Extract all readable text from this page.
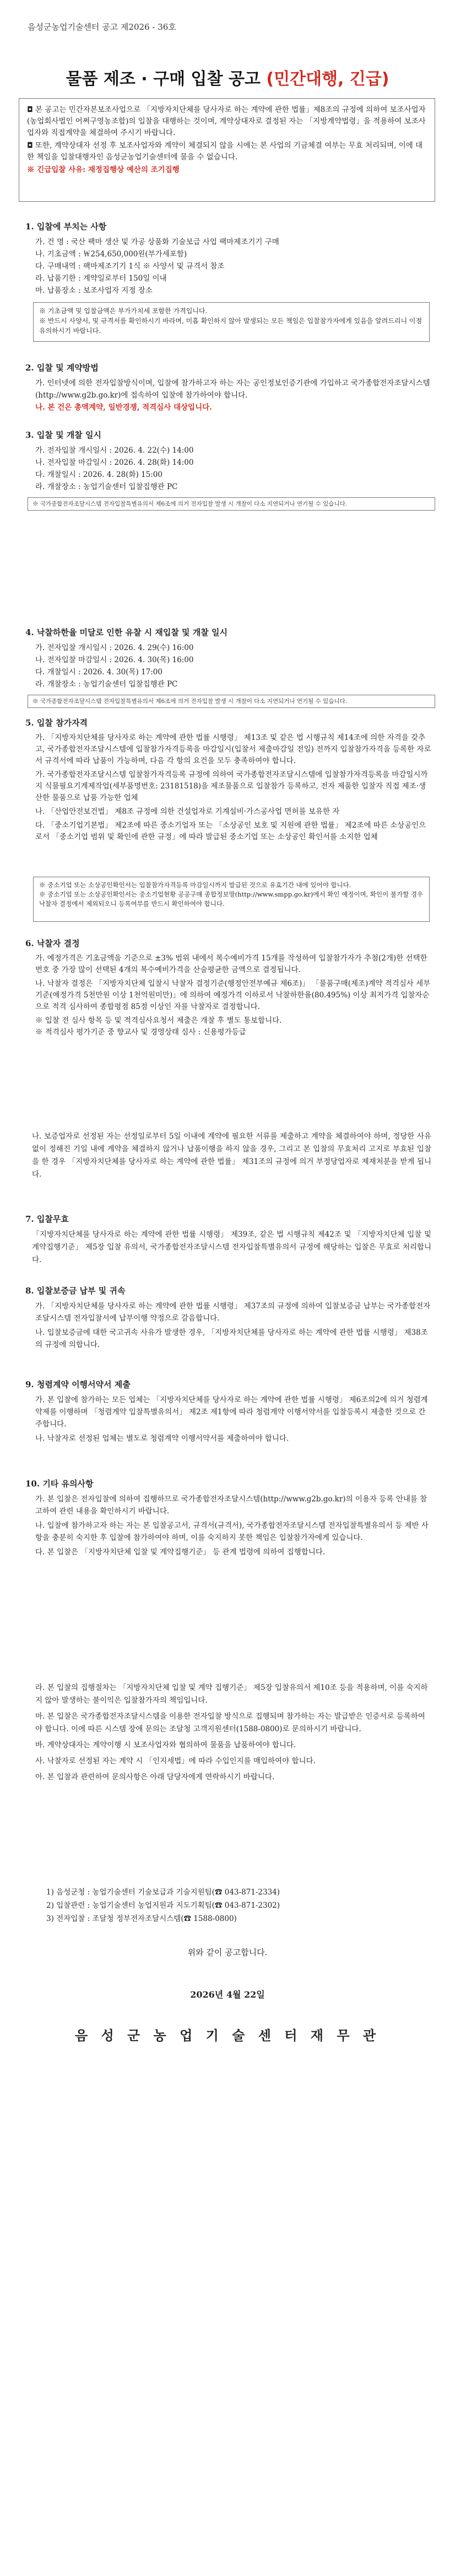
음성군농업기술센터 공고 제2026 - 36호
물품 제조 · 구매 입찰 공고 (민간대행, 긴급)

◘ 본 공고는 민간자본보조사업으로 「지방자치단체를 당사자로 하는 계약에 관한 법률」제8조의 규정에 의하여 보조사업자(농업회사법인 어쩌구영농조합)의 입찰을 대행하는 것이며, 계약상대자로 결정된 자는 「지방계약법령」을 적용하여 보조사업자와 직접계약을 체결하여 주시기 바랍니다.

◘ 또한, 계약상대자 선정 후 보조사업자와 계약이 체결되지 않을 시에는 본 사업의 기금체결 여부는 무효 처리되며, 이에 대한 책임을 입찰대행자인 음성군농업기술센터에 물을 수 없습니다.

※ 긴급입찰 사유: 재정집행상 예산의 조기집행

1. 입찰에 부치는 사항
가. 건 명 : 국산 팩마 생산 및 가공 상품화 기술보급 사업 팩마제조기기 구매
나. 기초금액 : ￦254,650,000원(부가세포함)
다. 구매내역 : 팩마제조기기 1식 ※ 사양서 및 규격서 참조
라. 납품기한 : 계약일로부터 150일 이내
마. 납품장소 : 보조사업자 지정 장소
※ 기초금액 및 입찰금액은 부가가치세 포함한 가격입니다.
※ 반드시 사양서, 및 규격서를 확인하시기 바라며, 미흡 확인하지 않아 발생되는 모든 책임은 입찰참가자에게 있음을 알려드리니 이점 유의하시기 바랍니다.
2. 입찰 및 계약방법
가. 인터넷에 의한 전자입찰방식이며, 입찰에 참가하고자 하는 자는 공인정보인증기관에 가입하고 국가종합전자조달시스템(http://www.g2b.go.kr)에 접속하여 입찰에 참가하여야 합니다.
나. 본 건은 총액계약, 일반경쟁, 적격심사 대상입니다.
3. 입찰 및 개찰 일시
가. 전자입찰 개시일시 : 2026. 4. 22(수) 14:00
나. 전자입찰 마감일시 : 2026. 4. 28(화) 14:00
다. 개찰일시 : 2026. 4. 28(화) 15:00
라. 개찰장소 : 농업기술센터 입찰집행관 PC
※ 국가종합전자조달시스템 전자입찰특별유의서 제6조에 의거 전자입찰 발생 시 개찰이 다소 지연되거나 연기될 수 있습니다.
4. 낙찰하한율 미달로 인한 유찰 시 재입찰 및 개찰 일시
가. 전자입찰 개시일시 : 2026. 4. 29(수) 16:00
나. 전자입찰 마감일시 : 2026. 4. 30(목) 16:00
다. 개찰일시 : 2026. 4. 30(목) 17:00
라. 개찰장소 : 농업기술센터 입찰집행관 PC
※ 국가종합전자조달시스템 전자입찰특별유의서 제6조에 의거 전자입찰 발생 시 개찰이 다소 지연되거나 연기될 수 있습니다.
5. 입찰 참가자격
가. 「지방자치단체를 당사자로 하는 계약에 관한 법률 시행령」 제13조 및 같은 법 시행규칙 제14조에 의한 자격을 갖추고, 국가종합전자조달시스템에 입찰참가자격등록을 마감일시(입찰서 제출마감일 전일) 전까지 입찰참가자격을 등록한 자로서 규격서에 따라 납품이 가능하며, 다음 각 항의 요건을 모두 충족하여야 합니다.
가. 국가종합전자조달시스템 입찰참가자격등록 규정에 의하여 국가종합전자조달시스템에 입찰참가자격등록을 마감일시까지 식물필요기계제작업(세부품명번호: 23181518)을 제조물품으로 입찰참가 등록하고, 전자 제품한 입찰자 직접 제조·생산한 물품으로 납품 가능한 업체
나. 「산업안전보건법」 제8조 규정에 의한 건설업자로 기계설비·가스공사업 면허를 보유한 자
다. 「중소기업기본법」 제2조에 따른 중소기업자 또는 「소상공인 보호 및 지원에 관한 법률」 제2조에 따른 소상공인으로서 「중소기업 범위 및 확인에 관한 규정」에 따라 발급된 중소기업 또는 소상공인 확인서를 소지한 업체
※ 중소기업 또는 소상공인확인서는 입찰참가자격등록 마감일시까지 발급된 것으로 유효기간 내에 있어야 합니다.
※ 중소기업 또는 소상공인확인서는 중소기업현황 공공구매 종합정보망(http://www.smpp.go.kr)에서 확인 예정이며, 확인이 불가할 경우 낙찰자 결정에서 제외되오니 등록여부를 반드시 확인하여야 합니다.
6. 낙찰자 결정
가. 예정가격은 기초금액을 기준으로 ±3% 범위 내에서 복수예비가격 15개를 작성하여 입찰참가자가 추첨(2개)한 선택한 번호 중 가장 많이 선택된 4개의 복수예비가격을 산술평균한 금액으로 결정됩니다.
나. 낙찰자 결정은 「지방자치단체 입찰시 낙찰자 결정기준(행정안전부예규 제6조)」 「물품구매(제조)계약 적격심사 세부기준(예정가격 5천만원 이상 1천억원미만)」에 의하여 예정가격 이하로서 낙찰하한율(80.495%) 이상 최저가격 입찰자순으로 적격 심사하여 종합평점 85점 이상인 자를 낙찰자로 결정합니다.
※ 입찰 전 심사 항목 등 및 적격심사요청서 제출은 개찰 후 별도 통보합니다.
※ 적격심사 평가기준 중 향교사 및 경영상태 심사 : 신용평가등급
나. 보증업자로 선정된 자는 선정일로부터 5일 이내에 계약에 필요한 서류를 제출하고 계약을 체결하여야 하며, 정당한 사유 없이 정해진 기일 내에 계약을 체결하지 않거나 납품이행을 하지 않을 경우, 그리고 본 입찰의 무효처리 고지로 부효된 입찰을 한 경우 「지방자치단체를 당사자로 하는 계약에 관한 법률」 제31조의 규정에 의거 부정당업자로 제재처분을 받게 됩니다.
7. 입찰무효
「지방자치단체를 당사자로 하는 계약에 관한 법률 시행령」 제39조, 같은 법 시행규칙 제42조 및 「지방자치단체 입찰 및 계약집행기준」 제5장 입찰 유의서, 국가종합전자조달시스템 전자입찰특별유의서 규정에 해당하는 입찰은 무효로 처리합니다.
8. 입찰보증금 납부 및 귀속
가. 「지방자치단체를 당사자로 하는 계약에 관한 법률 시행령」 제37조의 규정에 의하여 입찰보증금 납부는 국가종합전자조달시스템 전자입찰서에 납부이행 약정으로 갈음합니다.
나. 입찰보증금에 대한 국고귀속 사유가 발생한 경우, 「지방자치단체를 당사자로 하는 계약에 관한 법률 시행령」 제38조의 규정에 의합니다.
9. 청렴계약 이행서약서 제출
가. 본 입찰에 참가하는 모든 업체는 「지방자치단체를 당사자로 하는 계약에 관한 법률 시행령」 제6조의2에 의거 청렴계약제를 이행하며 「청렴계약 입찰특별유의서」 제2조 제1항에 따라 청렴계약 이행서약서를 입찰등록시 제출한 것으로 간주합니다.
나. 낙찰자로 선정된 업체는 별도로 청렴계약 이행서약서를 제출하여야 합니다.
10. 기타 유의사항
가. 본 입찰은 전자입찰에 의하여 집행하므로 국가종합전자조달시스템(http://www.g2b.go.kr)의 이용자 등록 안내를 참고하여 관련 내용을 확인하시기 바랍니다.
나. 입찰에 참가하고자 하는 자는 본 입찰공고서, 규격서(규격서), 국가종합전자조달시스템 전자입찰특별유의서 등 제반 사항을 충분히 숙지한 후 입찰에 참가하여야 하며, 이를 숙지하지 못한 책임은 입찰참가자에게 있습니다.
다. 본 입찰은 「지방자치단체 입찰 및 계약집행기준」 등 관계 법령에 의하여 집행합니다.
라. 본 입찰의 집행절차는 「지방자치단체 입찰 및 계약 집행기준」 제5장 입찰유의서 제10조 등을 적용하며, 이를 숙지하지 않아 발생하는 불이익은 입찰참가자의 책임입니다.
마. 본 입찰은 국가종합전자조달시스템을 이용한 전자입찰 방식으로 집행되며 참가하는 자는 발급받은 인증서로 등록하여야 합니다. 이에 따른 시스템 장애 문의는 조달청 고객지원센터(1588-0800)로 문의하시기 바랍니다.
바. 계약상대자는 계약이행 시 보조사업자와 협의하여 물품을 납품하여야 합니다.
사. 낙찰자로 선정된 자는 계약 시 「인지세법」에 따라 수입인지를 매입하여야 합니다.
아. 본 입찰과 관련하여 문의사항은 아래 담당자에게 연락하시기 바랍니다.
1) 음성군청 : 농업기술센터 기술보급과 기술지원팀(☎ 043-871-2334)
2) 입찰관련 : 농업기술센터 농업지원과 지도기획팀(☎ 043-871-2302)
3) 전자입찰 : 조달청 정부전자조달시스템(☎ 1588-0800)
위와 같이 공고합니다.
2026년 4월 22일
음 성 군 농 업 기 술 센 터 재 무 관
